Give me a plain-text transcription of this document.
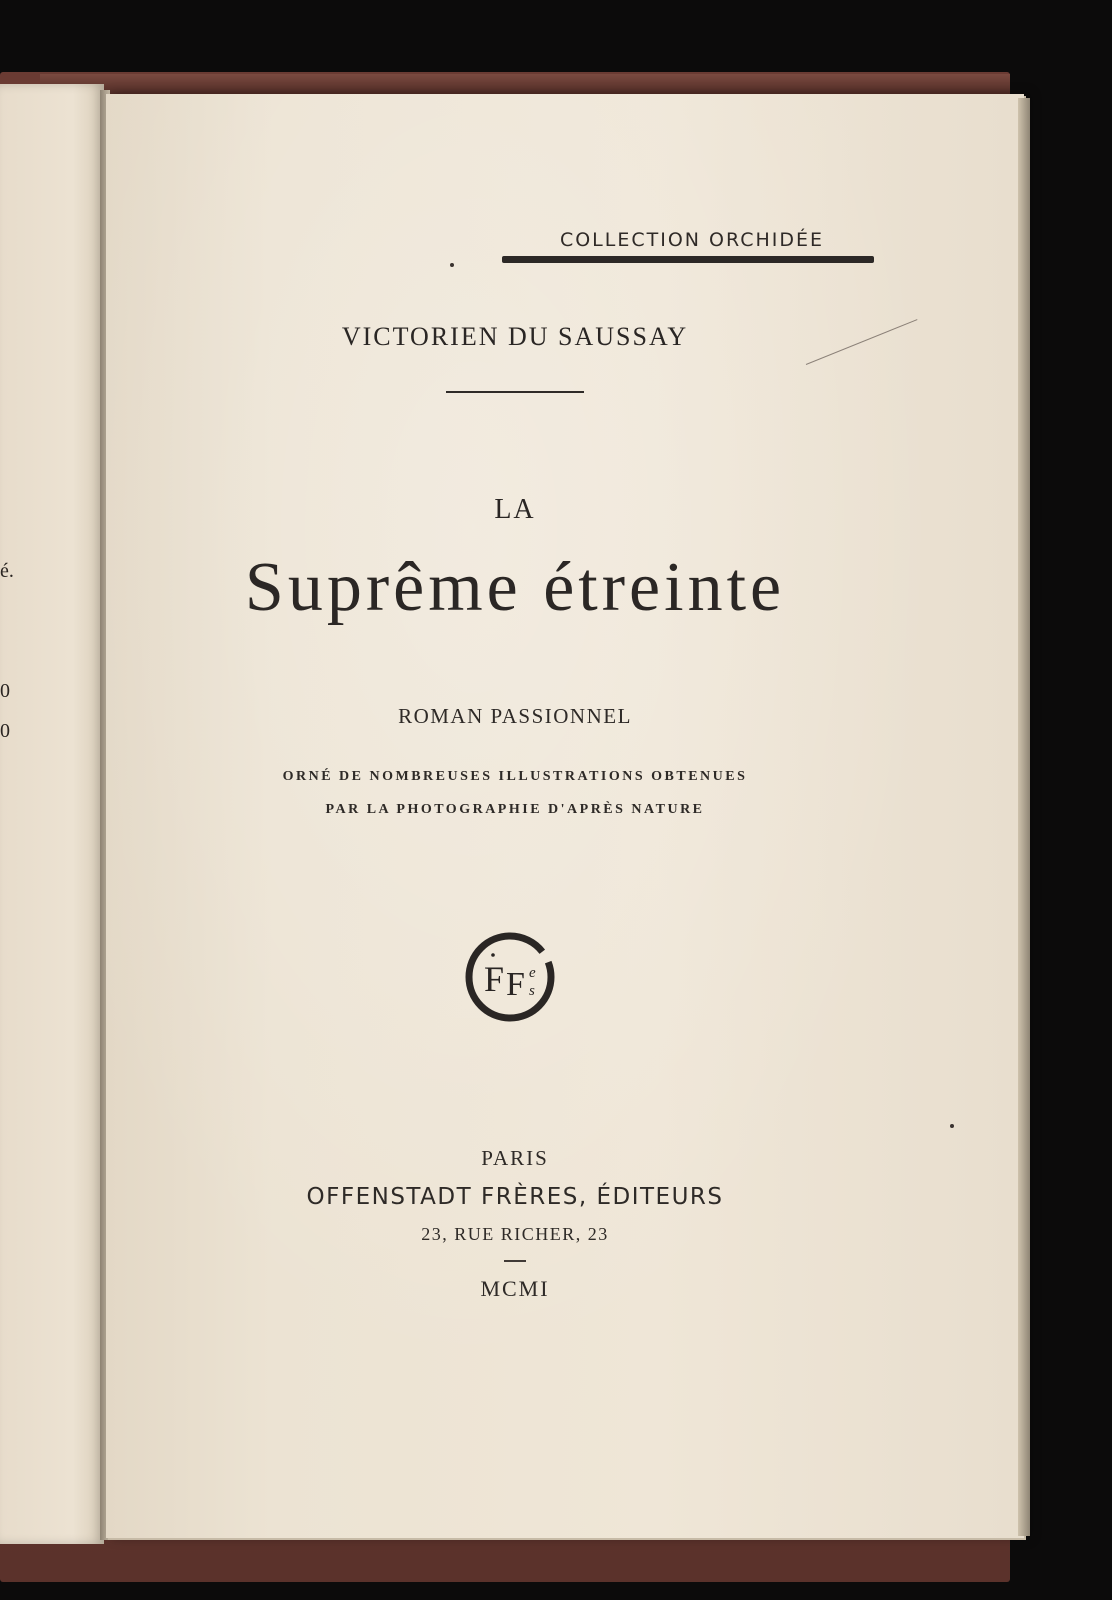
é.
0
0
COLLECTION ORCHIDÉE
VICTORIEN DU SAUSSAY
LA
Suprême étreinte
ROMAN PASSIONNEL
ORNÉ DE NOMBREUSES ILLUSTRATIONS OBTENUES
PAR LA PHOTOGRAPHIE D'APRÈS NATURE
F F e
s
PARIS
OFFENSTADT FRÈRES, ÉDITEURS
23, RUE RICHER, 23
MCMI
